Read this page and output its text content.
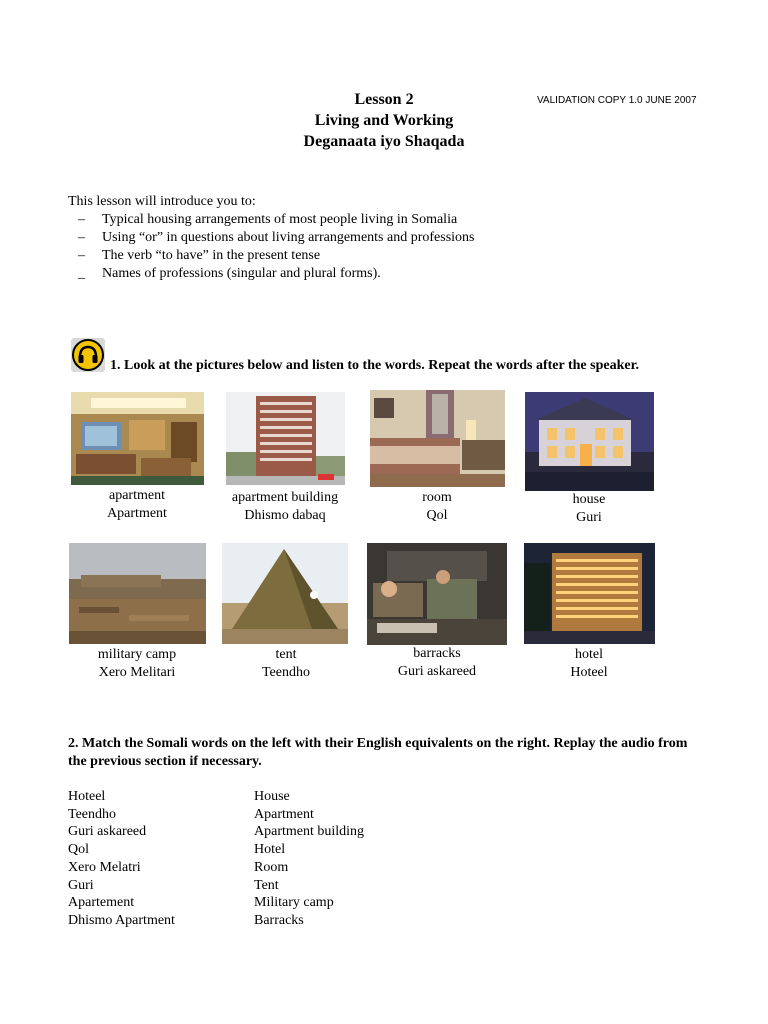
Lesson 2
Living and Working
Deganaata iyo Shaqada
VALIDATION COPY 1.0 JUNE 2007
This lesson will introduce you to:
– Typical housing arrangements of most people living in Somalia
– Using “or” in questions about living arrangements and professions
– The verb “to have” in the present tense
_ Names of professions (singular and plural forms).
1. Look at the pictures below and listen to the words. Repeat the words after the speaker.
apartment
Apartment
apartment building
Dhismo dabaq
room
Qol
house
Guri
military camp
Xero Melitari
tent
Teendho
barracks
Guri askareed
hotel
Hoteel
2. Match the Somali words on the left with their English equivalents on the right. Replay the audio from the previous section if necessary.
Hoteel
Teendho
Guri askareed
Qol
Xero Melatri
Guri
Apartement
Dhismo Apartment
House
Apartment
Apartment building
Hotel
Room
Tent
Military camp
Barracks
